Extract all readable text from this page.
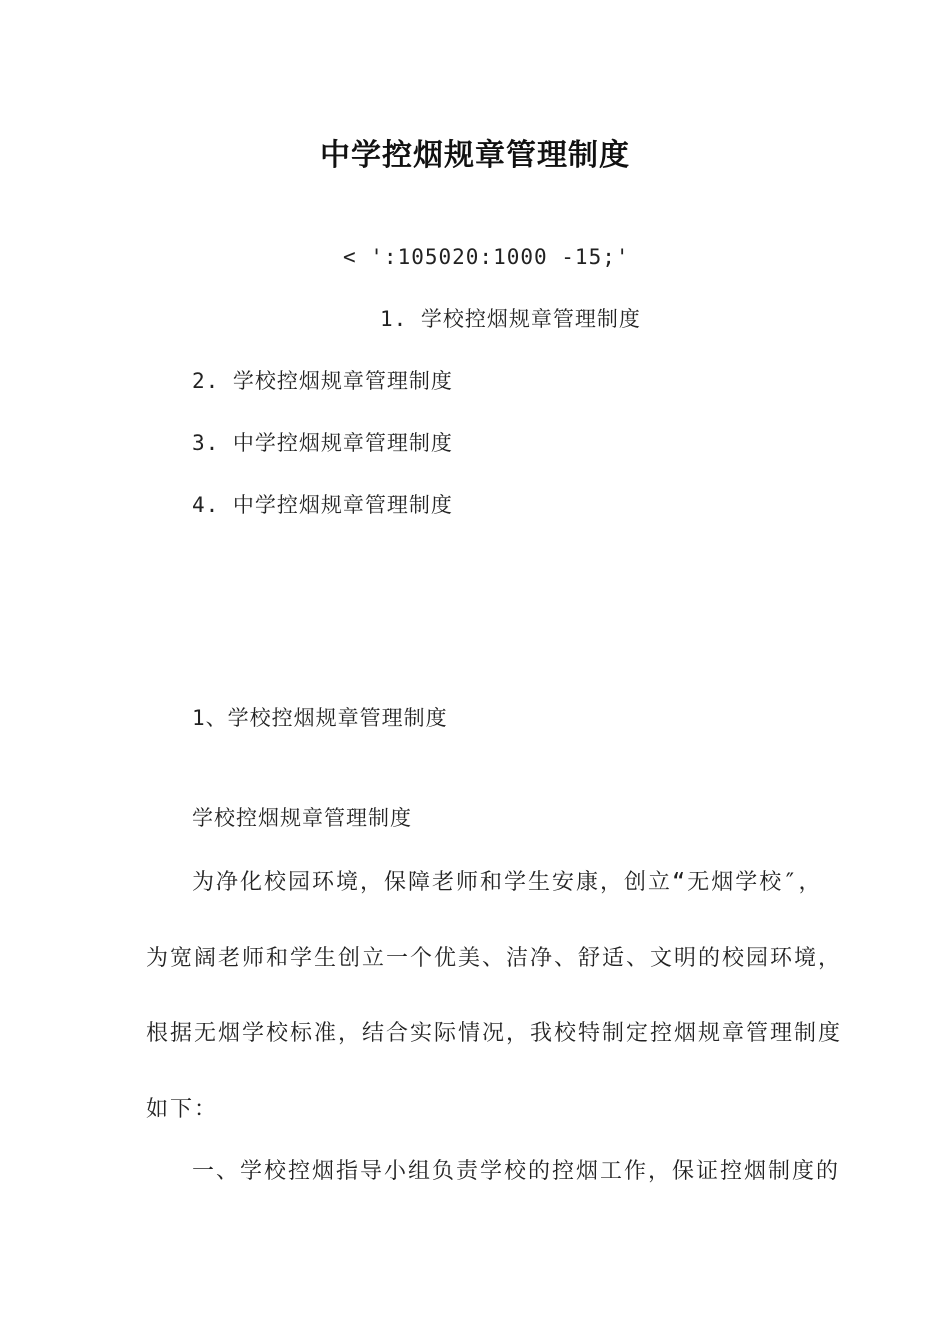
中学控烟规章管理制度
< ':105020:1000 -15;'
1. 学校控烟规章管理制度
2. 学校控烟规章管理制度
3. 中学控烟规章管理制度
4. 中学控烟规章管理制度
1、学校控烟规章管理制度
学校控烟规章管理制度
为净化校园环境，保障老师和学生安康，创立“无烟学校″，
为宽阔老师和学生创立一个优美、洁净、舒适、文明的校园环境，
根据无烟学校标准，结合实际情况，我校特制定控烟规章管理制度
如下：
一、学校控烟指导小组负责学校的控烟工作，保证控烟制度的
